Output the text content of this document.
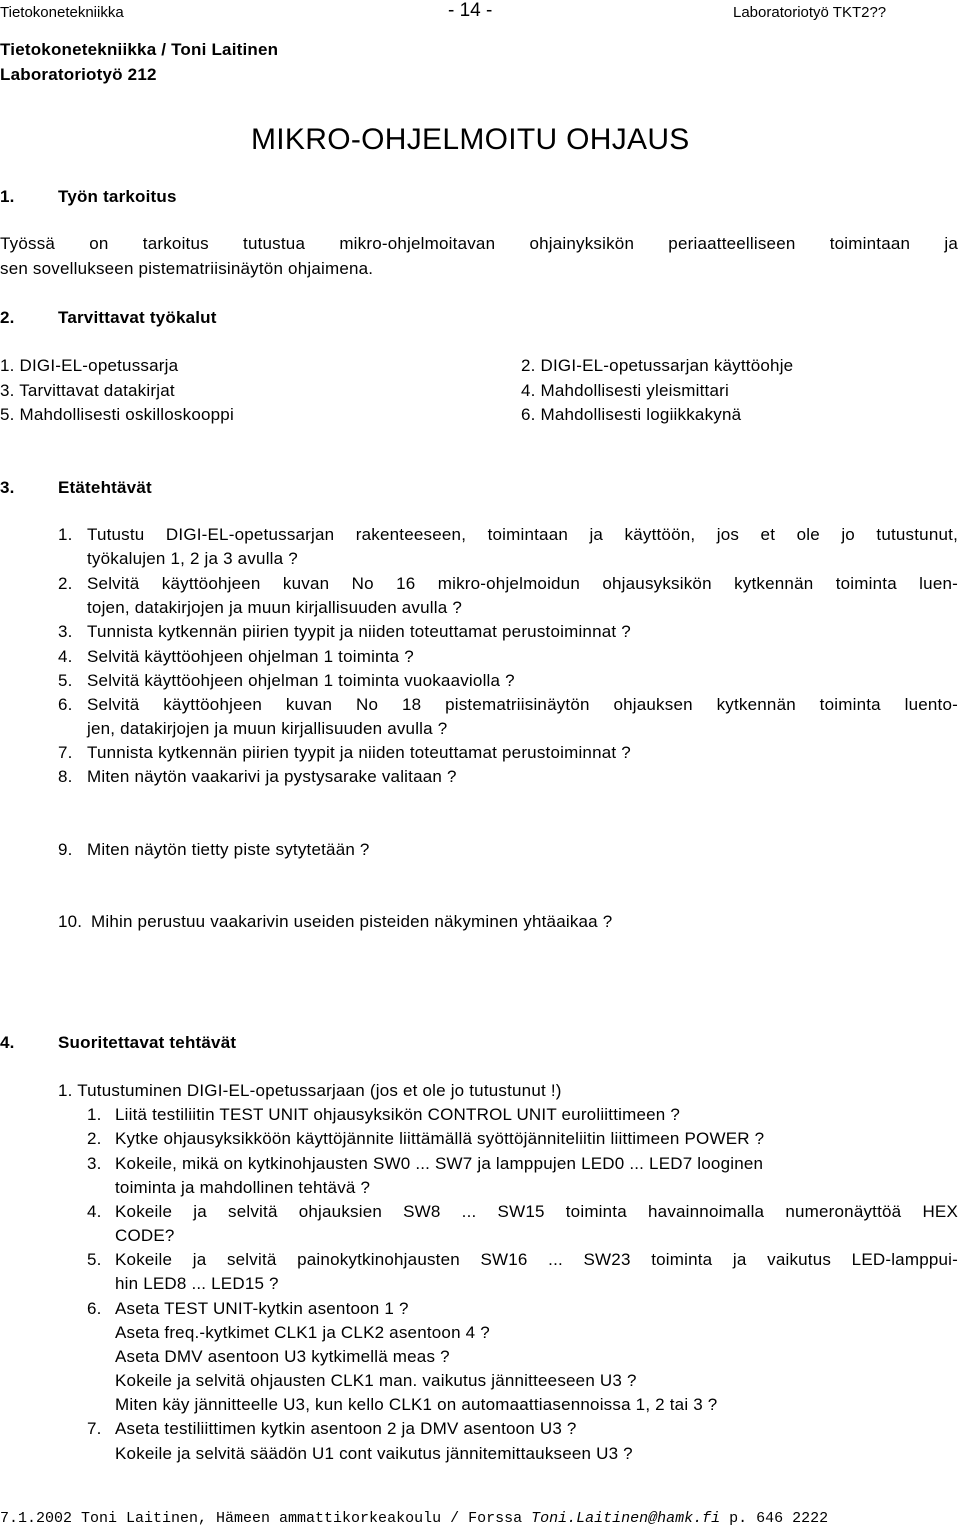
Tietokonetekniikka	- 14 -	Laboratoriotyö TKT2??
Tietokonetekniikka / Toni Laitinen
Laboratoriotyö 212
MIKRO-OHJELMOITU OHJAUS
1.	Työn tarkoitus
Työssä on tarkoitus tutustua mikro-ohjelmoitavan ohjainyksikön periaatteelliseen toimintaan ja
sen sovellukseen pistematriisinäytön ohjaimena.
2.	Tarvittavat työkalut
1. DIGI-EL-opetussarja	2. DIGI-EL-opetussarjan käyttöohje
3. Tarvittavat datakirjat	4. Mahdollisesti yleismittari
5. Mahdollisesti oskilloskooppi	6. Mahdollisesti logiikkakynä
3.	Etätehtävät
1. Tutustu DIGI-EL-opetussarjan rakenteeseen, toimintaan ja käyttöön, jos et ole jo tutustunut,
työkalujen 1, 2 ja 3 avulla ?
2. Selvitä käyttöohjeen kuvan No 16 mikro-ohjelmoidun ohjausyksikön kytkennän toiminta luen-
tojen, datakirjojen ja muun kirjallisuuden avulla ?
3. Tunnista kytkennän piirien tyypit ja niiden toteuttamat perustoiminnat ?
4. Selvitä käyttöohjeen ohjelman 1 toiminta ?
5. Selvitä käyttöohjeen ohjelman 1 toiminta vuokaaviolla ?
6. Selvitä käyttöohjeen kuvan No 18 pistematriisinäytön ohjauksen kytkennän toiminta luento-
jen, datakirjojen ja muun kirjallisuuden avulla ?
7. Tunnista kytkennän piirien tyypit ja niiden toteuttamat perustoiminnat ?
8. Miten näytön vaakarivi ja pystysarake valitaan ?
9. Miten näytön tietty piste sytytetään ?
10. Mihin perustuu vaakarivin useiden pisteiden näkyminen yhtäaikaa ?
4.	Suoritettavat tehtävät
1. Tutustuminen DIGI-EL-opetussarjaan (jos et ole jo tutustunut !)
1. Liitä testiliitin TEST UNIT ohjausyksikön CONTROL UNIT euroliittimeen ?
2. Kytke ohjausyksikköön käyttöjännite liittämällä syöttöjänniteliitin liittimeen POWER ?
3. Kokeile, mikä on kytkinohjausten SW0 ... SW7 ja lamppujen LED0 ... LED7 looginen
toiminta ja mahdollinen tehtävä ?
4. Kokeile ja selvitä ohjauksien SW8 ... SW15 toiminta havainnoimalla numeronäyttöä HEX
CODE?
5. Kokeile ja selvitä painokytkinohjausten SW16 ... SW23 toiminta ja vaikutus LED-lamppui-
hin LED8 ... LED15 ?
6. Aseta TEST UNIT-kytkin asentoon 1 ?
Aseta freq.-kytkimet CLK1 ja CLK2 asentoon 4 ?
Aseta DMV asentoon U3 kytkimellä meas ?
Kokeile ja selvitä ohjausten CLK1 man. vaikutus jännitteeseen U3 ?
Miten käy jännitteelle U3, kun kello CLK1 on automaattiasennoissa 1, 2 tai 3 ?
7. Aseta testiliittimen kytkin asentoon 2 ja DMV asentoon U3 ?
Kokeile ja selvitä säädön U1 cont vaikutus jännitemittaukseen U3 ?
7.1.2002 Toni Laitinen, Hämeen ammattikorkeakoulu / Forssa Toni.Laitinen@hamk.fi p. 646 2222
